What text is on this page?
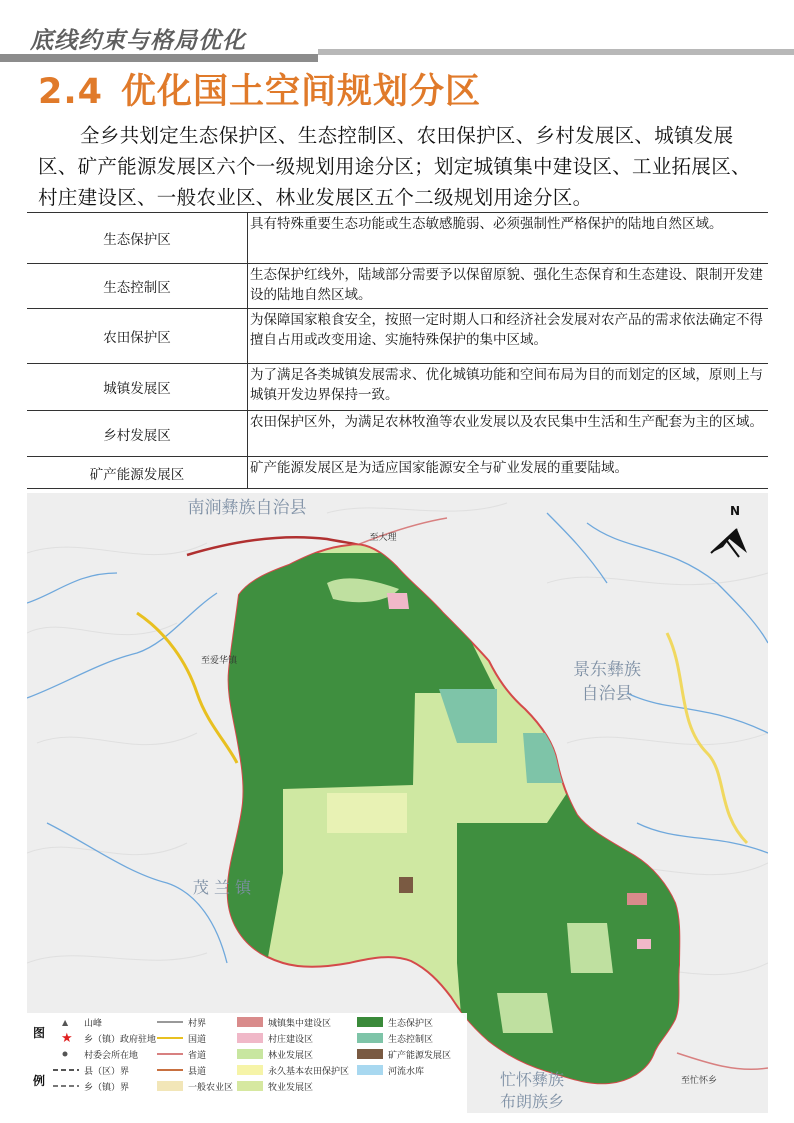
底线约束与格局优化
2.4 优化国土空间规划分区
全乡共划定生态保护区、生态控制区、农田保护区、乡村发展区、城镇发展区、矿产能源发展区六个一级规划用途分区；划定城镇集中建设区、工业拓展区、村庄建设区、一般农业区、林业发展区五个二级规划用途分区。
生态保护区	具有特殊重要生态功能或生态敏感脆弱、必须强制性严格保护的陆地自然区域。
生态控制区	生态保护红线外，陆域部分需要予以保留原貌、强化生态保育和生态建设、限制开发建设的陆地自然区域。
农田保护区	为保障国家粮食安全，按照一定时期人口和经济社会发展对农产品的需求依法确定不得擅自占用或改变用途、实施特殊保护的集中区域。
城镇发展区	为了满足各类城镇发展需求、优化城镇功能和空间布局为目的而划定的区域，原则上与城镇开发边界保持一致。
乡村发展区	农田保护区外，为满足农林牧渔等农业发展以及农民集中生活和生产配套为主的区域。
矿产能源发展区	矿产能源发展区是为适应国家能源安全与矿业发展的重要陆域。
南涧彝族自治县
景东彝族
自治县
茂 兰 镇
忙怀彝族
布朗族乡
至大理
至爱华镇
至忙怀乡
N
图
例
▲ 山峰	村界	城镇集中建设区	生态保护区
★ 乡（镇）政府驻地	国道	村庄建设区	生态控制区
村委会所在地	省道	林业发展区	矿产能源发展区
县（区）界	县道	永久基本农田保护区	河流水库
乡（镇）界	一般农业区	牧业发展区
